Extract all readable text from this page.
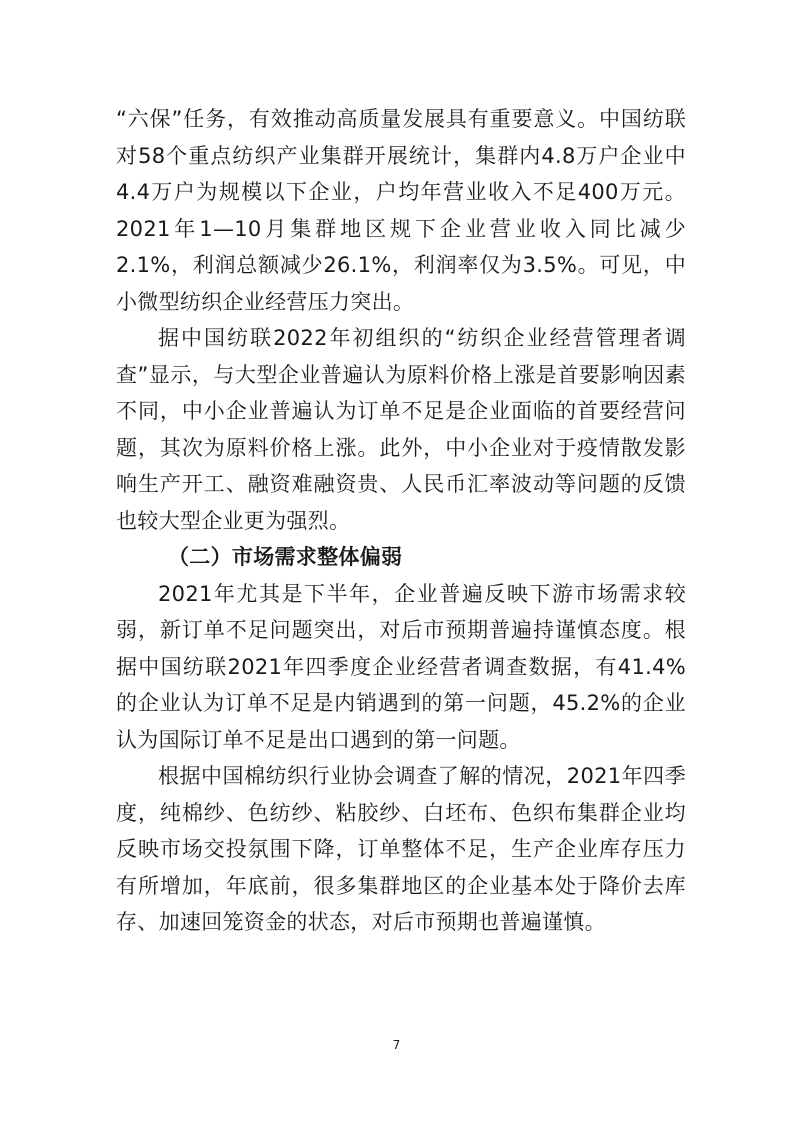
“六保”任务，有效推动高质量发展具有重要意义。中国纺联对58个重点纺织产业集群开展统计，集群内4.8万户企业中4.4万户为规模以下企业，户均年营业收入不足400万元。2021年1—10月集群地区规下企业营业收入同比减少2.1%，利润总额减少26.1%，利润率仅为3.5%。可见，中小微型纺织企业经营压力突出。

据中国纺联2022年初组织的“纺织企业经营管理者调查”显示，与大型企业普遍认为原料价格上涨是首要影响因素不同，中小企业普遍认为订单不足是企业面临的首要经营问题，其次为原料价格上涨。此外，中小企业对于疫情散发影响生产开工、融资难融资贵、人民币汇率波动等问题的反馈也较大型企业更为强烈。

（二）市场需求整体偏弱

2021年尤其是下半年，企业普遍反映下游市场需求较弱，新订单不足问题突出，对后市预期普遍持谨慎态度。根据中国纺联2021年四季度企业经营者调查数据，有41.4%的企业认为订单不足是内销遇到的第一问题，45.2%的企业认为国际订单不足是出口遇到的第一问题。

根据中国棉纺织行业协会调查了解的情况，2021年四季度，纯棉纱、色纺纱、粘胶纱、白坯布、色织布集群企业均反映市场交投氛围下降，订单整体不足，生产企业库存压力有所增加，年底前，很多集群地区的企业基本处于降价去库存、加速回笼资金的状态，对后市预期也普遍谨慎。

7
